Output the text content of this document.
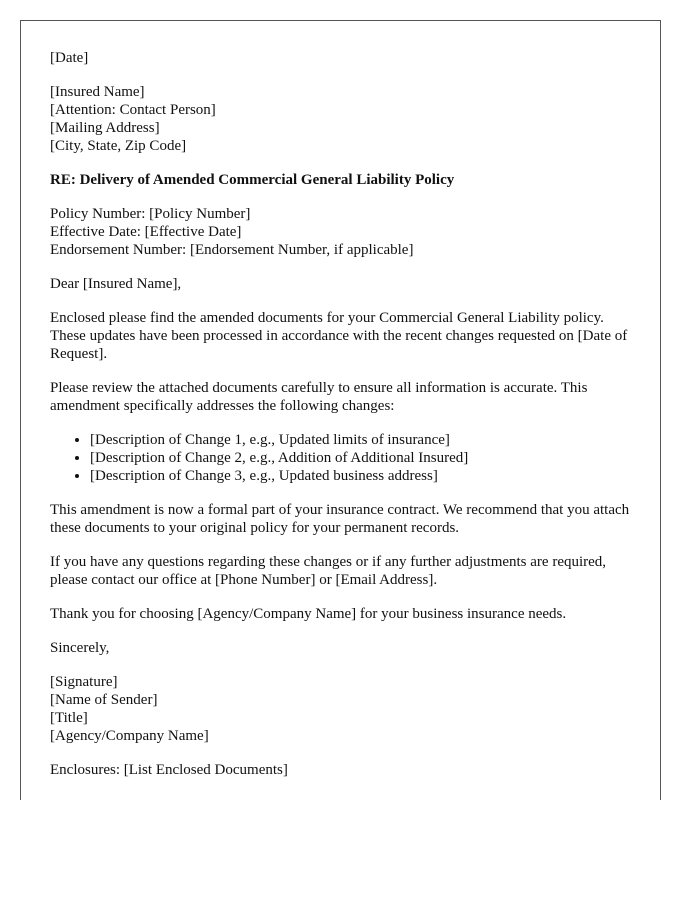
[Date]
[Insured Name]
[Attention: Contact Person]
[Mailing Address]
[City, State, Zip Code]
RE: Delivery of Amended Commercial General Liability Policy
Policy Number: [Policy Number]
Effective Date: [Effective Date]
Endorsement Number: [Endorsement Number, if applicable]

Dear [Insured Name],

Enclosed please find the amended documents for your Commercial General Liability policy. These updates have been processed in accordance with the recent changes requested on [Date of Request].

Please review the attached documents carefully to ensure all information is accurate. This amendment specifically addresses the following changes:

• [Description of Change 1, e.g., Updated limits of insurance]
• [Description of Change 2, e.g., Addition of Additional Insured]
• [Description of Change 3, e.g., Updated business address]

This amendment is now a formal part of your insurance contract. We recommend that you attach these documents to your original policy for your permanent records.

If you have any questions regarding these changes or if any further adjustments are required, please contact our office at [Phone Number] or [Email Address].

Thank you for choosing [Agency/Company Name] for your business insurance needs.

Sincerely,

[Signature]
[Name of Sender]
[Title]
[Agency/Company Name]

Enclosures: [List Enclosed Documents]
